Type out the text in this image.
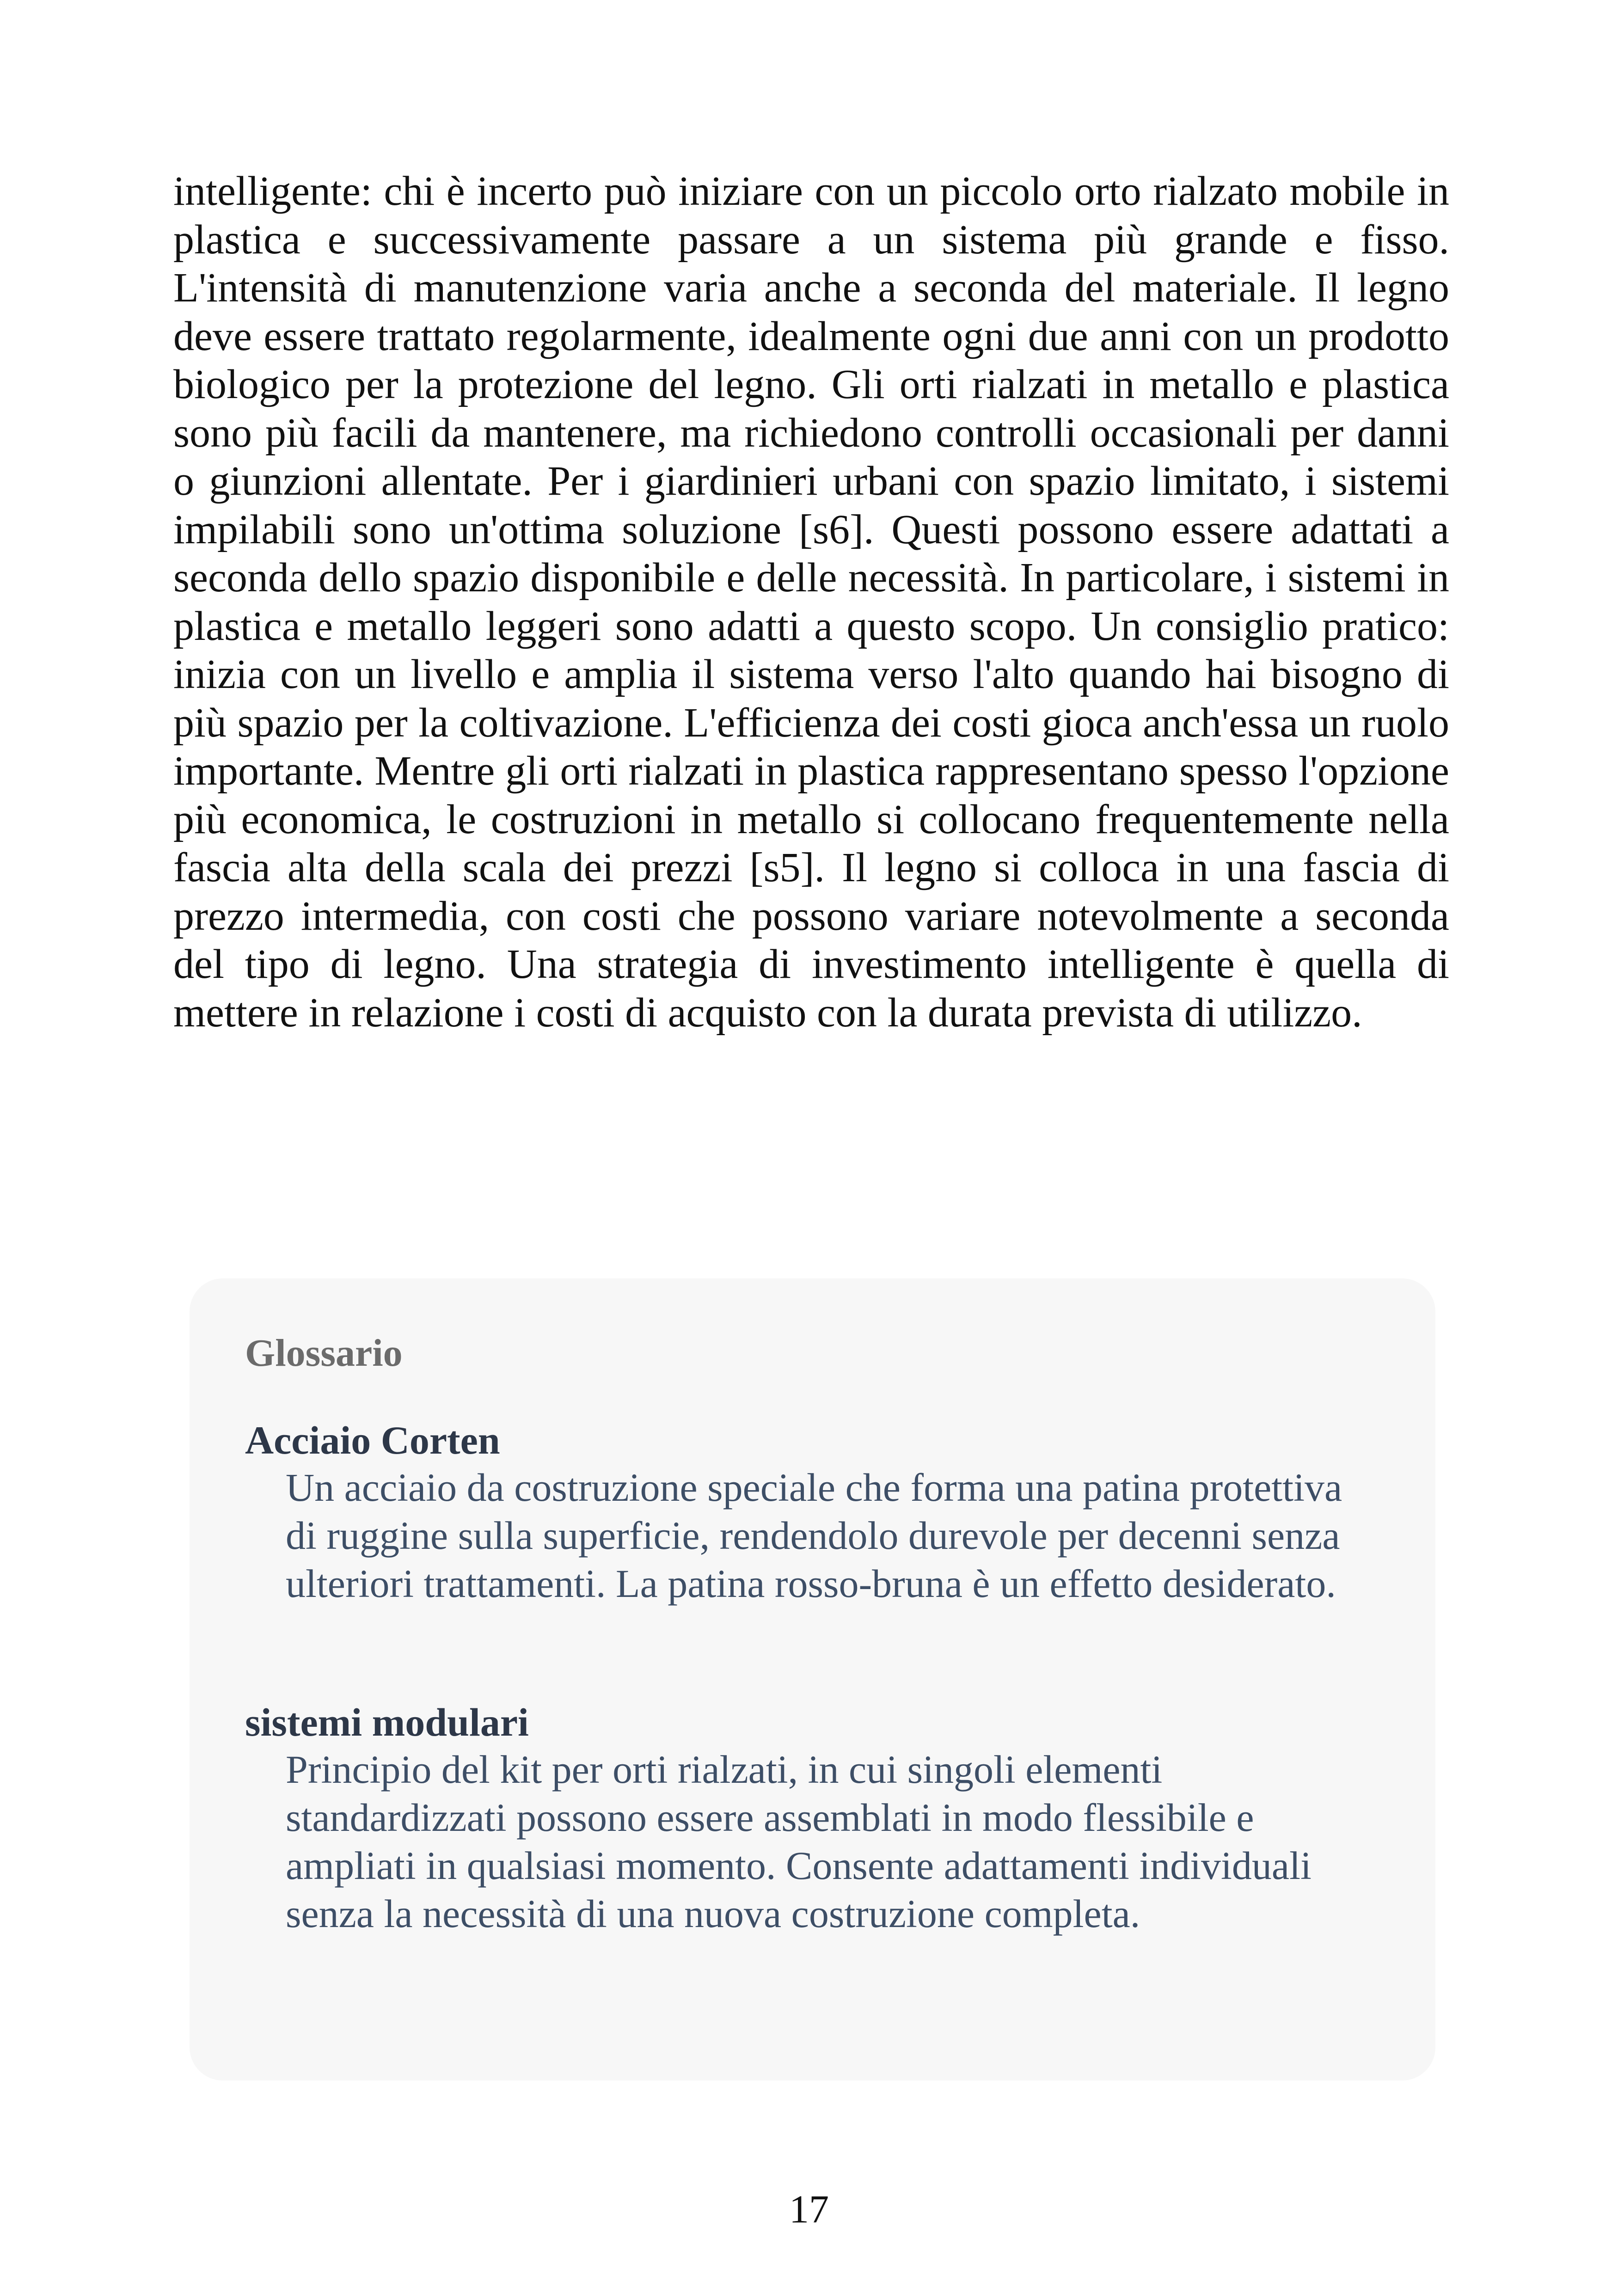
intelligente: chi è incerto può iniziare con un piccolo orto rialzato mobile in plastica e successivamente passare a un sistema più grande e fisso. L'intensità di manutenzione varia anche a seconda del materiale. Il legno deve essere trattato regolarmente, idealmente ogni due anni con un prodotto biologico per la protezione del legno. Gli orti rialzati in metallo e plastica sono più facili da mantenere, ma richiedono controlli occasionali per danni o giunzioni allentate. Per i giardinieri urbani con spazio limitato, i sistemi impilabili sono un'ottima soluzione [s6]. Questi possono essere adattati a seconda dello spazio disponibile e delle necessità. In particolare, i sistemi in plastica e metallo leggeri sono adatti a questo scopo. Un consiglio pratico: inizia con un livello e amplia il sistema verso l'alto quando hai bisogno di più spazio per la coltivazione. L'efficienza dei costi gioca anch'essa un ruolo importante. Mentre gli orti rialzati in plastica rappresentano spesso l'opzione più economica, le costruzioni in metallo si collocano frequentemente nella fascia alta della scala dei prezzi [s5]. Il legno si colloca in una fascia di prezzo intermedia, con costi che possono variare notevolmente a seconda del tipo di legno. Una strategia di investimento intelligente è quella di mettere in relazione i costi di acquisto con la durata prevista di utilizzo.

Glossario

Acciaio Corten

Un acciaio da costruzione speciale che forma una patina protettiva di ruggine sulla superficie, rendendolo durevole per decenni senza ulteriori trattamenti. La patina rosso-bruna è un effetto desiderato.

sistemi modulari

Principio del kit per orti rialzati, in cui singoli elementi standardizzati possono essere assemblati in modo flessibile e ampliati in qualsiasi momento. Consente adattamenti individuali senza la necessità di una nuova costruzione completa.

17
